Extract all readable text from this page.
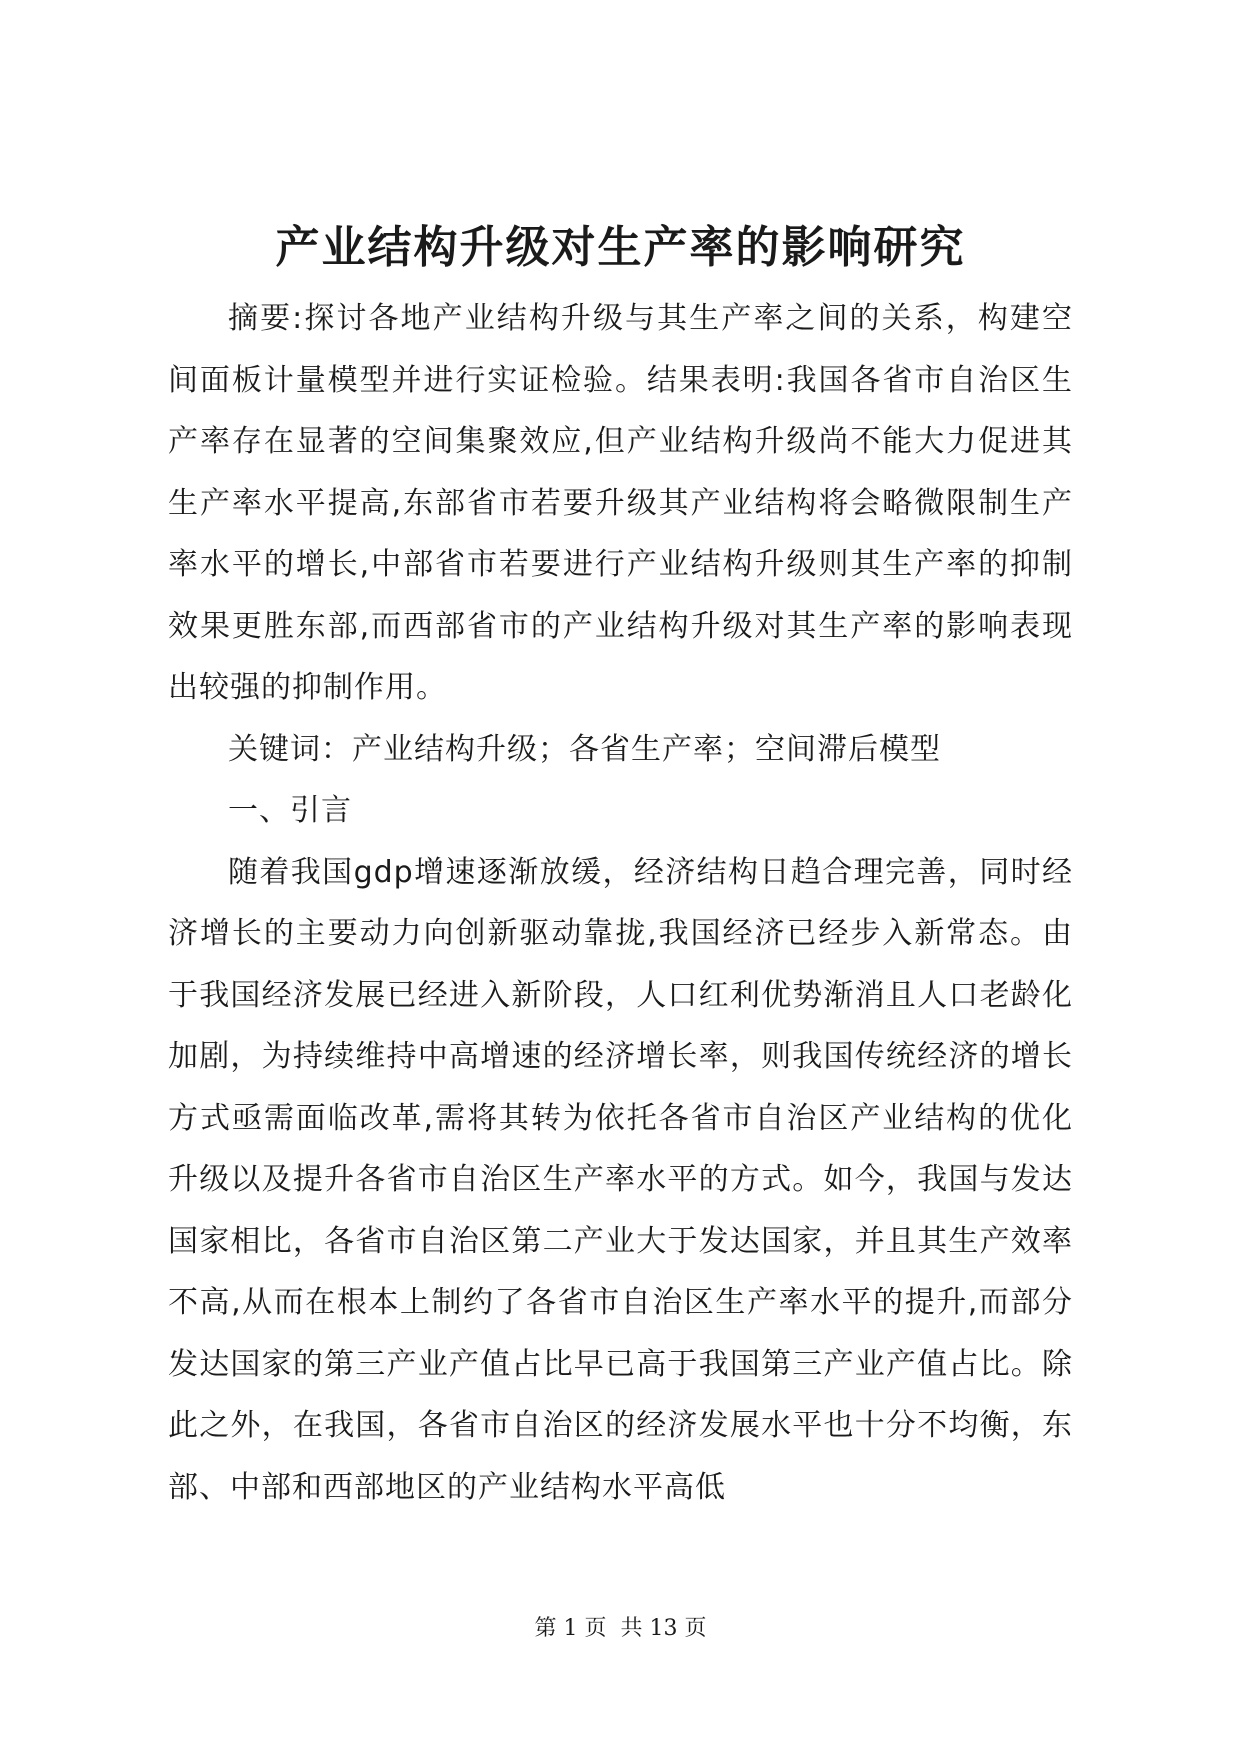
产业结构升级对生产率的影响研究

摘要:探讨各地产业结构升级与其生产率之间的关系，构建空间面板计量模型并进行实证检验。结果表明:我国各省市自治区生产率存在显著的空间集聚效应,但产业结构升级尚不能大力促进其生产率水平提高,东部省市若要升级其产业结构将会略微限制生产率水平的增长,中部省市若要进行产业结构升级则其生产率的抑制效果更胜东部,而西部省市的产业结构升级对其生产率的影响表现出较强的抑制作用。

关键词：产业结构升级；各省生产率；空间滞后模型

一、引言

随着我国gdp增速逐渐放缓，经济结构日趋合理完善，同时经济增长的主要动力向创新驱动靠拢,我国经济已经步入新常态。由于我国经济发展已经进入新阶段，人口红利优势渐消且人口老龄化加剧，为持续维持中高增速的经济增长率，则我国传统经济的增长方式亟需面临改革,需将其转为依托各省市自治区产业结构的优化升级以及提升各省市自治区生产率水平的方式。如今，我国与发达国家相比，各省市自治区第二产业大于发达国家，并且其生产效率不高,从而在根本上制约了各省市自治区生产率水平的提升,而部分发达国家的第三产业产值占比早已高于我国第三产业产值占比。除此之外，在我国，各省市自治区的经济发展水平也十分不均衡，东部、中部和西部地区的产业结构水平高低

第 1 页  共 13 页
